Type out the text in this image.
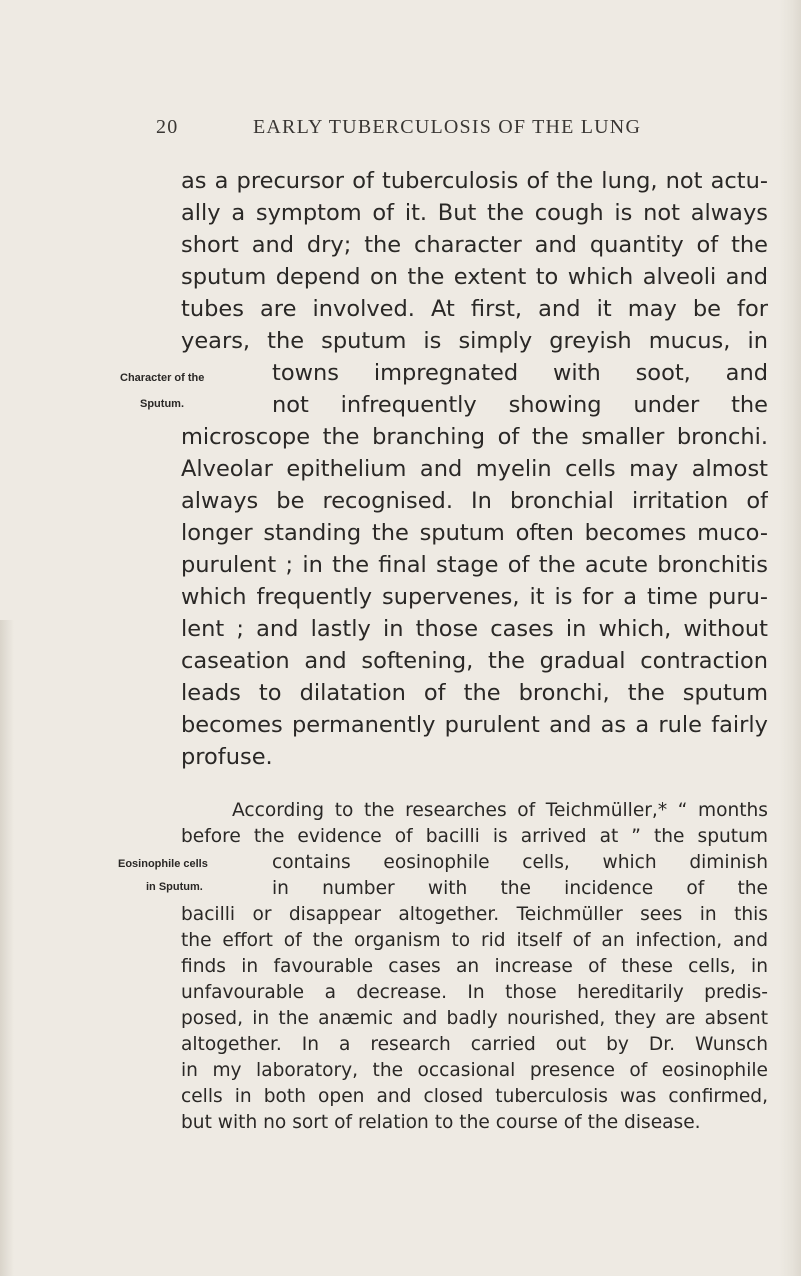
20	EARLY TUBERCULOSIS OF THE LUNG
as a precursor of tuberculosis of the lung, not actu-
ally a symptom of it. But the cough is not always
short and dry; the character and quantity of the
sputum depend on the extent to which alveoli and
tubes are involved. At first, and it may be for
years, the sputum is simply greyish mucus, in
towns impregnated with soot, and
not infrequently showing under the
microscope the branching of the smaller bronchi.
Alveolar epithelium and myelin cells may almost
always be recognised. In bronchial irritation of
longer standing the sputum often becomes muco-
purulent ; in the final stage of the acute bronchitis
which frequently supervenes, it is for a time puru-
lent ; and lastly in those cases in which, without
caseation and softening, the gradual contraction
leads to dilatation of the bronchi, the sputum
becomes permanently purulent and as a rule fairly
profuse.
Character of the
Sputum.
According to the researches of Teichmüller,* “ months
before the evidence of bacilli is arrived at ” the sputum
contains eosinophile cells, which diminish
in number with the incidence of the
bacilli or disappear altogether. Teichmüller sees in this
the effort of the organism to rid itself of an infection, and
finds in favourable cases an increase of these cells, in
unfavourable a decrease. In those hereditarily predis-
posed, in the anæmic and badly nourished, they are absent
altogether. In a research carried out by Dr. Wunsch
in my laboratory, the occasional presence of eosinophile
cells in both open and closed tuberculosis was confirmed,
but with no sort of relation to the course of the disease.
Eosinophile cells
in Sputum.
